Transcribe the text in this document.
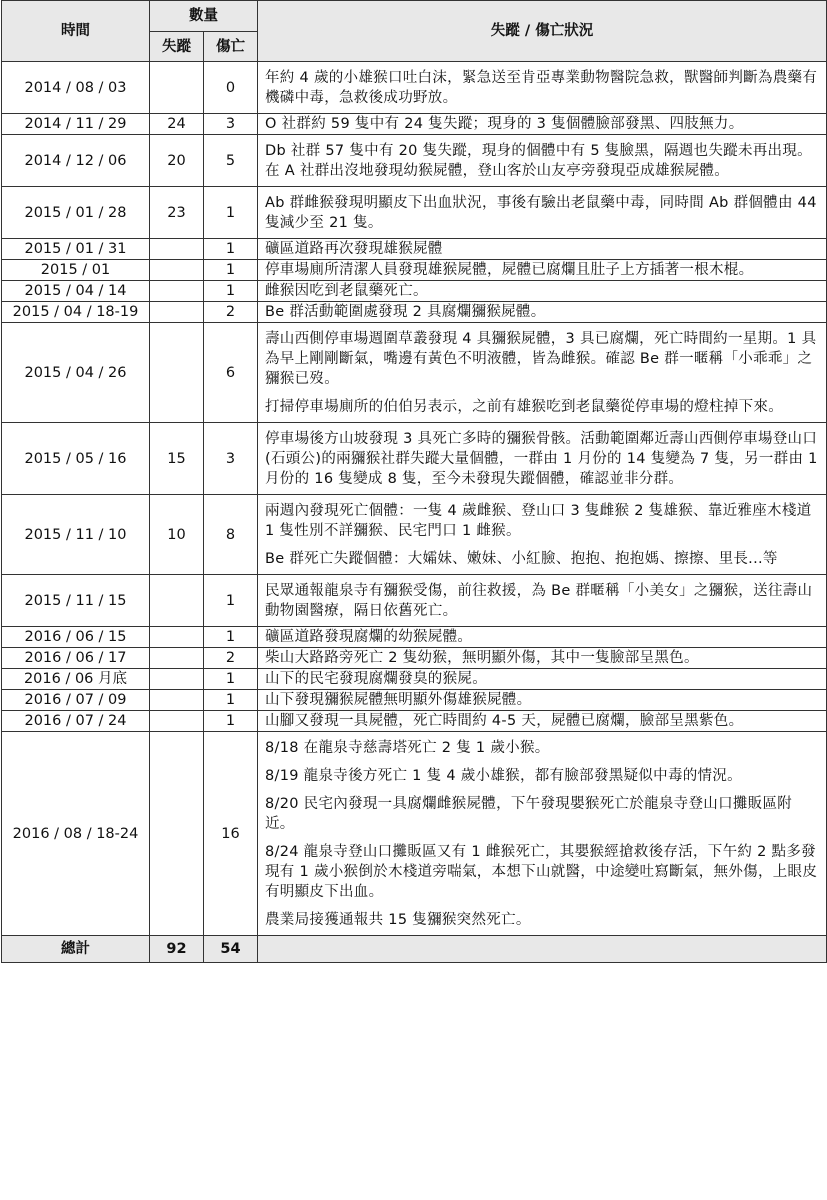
時間	數量		失蹤 / 傷亡狀況
	失蹤	傷亡	
2014 / 08 / 03		0	年約 4 歲的小雄猴口吐白沫，緊急送至肯亞專業動物醫院急救，獸醫師判斷為農藥有機磷中毒，急救後成功野放。

2014 / 11 / 29	24	3	O 社群約 59 隻中有 24 隻失蹤；現身的 3 隻個體臉部發黑、四肢無力。

2014 / 12 / 06	20	5	Db 社群 57 隻中有 20 隻失蹤，現身的個體中有 5 隻臉黑，隔週也失蹤未再出現。在 A 社群出沒地發現幼猴屍體，登山客於山友亭旁發現亞成雄猴屍體。

2015 / 01 / 28	23	1	Ab 群雌猴發現明顯皮下出血狀況，事後有驗出老鼠藥中毒，同時間 Ab 群個體由 44 隻減少至 21 隻。

2015 / 01 / 31		1	礦區道路再次發現雄猴屍體

2015 / 01		1	停車場廁所清潔人員發現雄猴屍體，屍體已腐爛且肚子上方插著一根木棍。

2015 / 04 / 14		1	雌猴因吃到老鼠藥死亡。

2015 / 04 / 18-19		2	Be 群活動範圍處發現 2 具腐爛獼猴屍體。

2015 / 04 / 26		6	壽山西側停車場週圍草叢發現 4 具獼猴屍體，3 具已腐爛，死亡時間約一星期。1 具為早上剛剛斷氣，嘴邊有黃色不明液體，皆為雌猴。確認 Be 群一暱稱「小乖乖」之獼猴已歿。

打掃停車場廁所的伯伯另表示，之前有雄猴吃到老鼠藥從停車場的燈柱掉下來。

2015 / 05 / 16	15	3	停車場後方山坡發現 3 具死亡多時的獼猴骨骸。活動範圍鄰近壽山西側停車場登山口(石頭公)的兩獼猴社群失蹤大量個體，一群由 1 月份的 14 隻變為 7 隻，另一群由 1 月份的 16 隻變成 8 隻，至今未發現失蹤個體，確認並非分群。

2015 / 11 / 10	10	8	兩週內發現死亡個體：一隻 4 歲雌猴、登山口 3 隻雌猴 2 隻雄猴、靠近雅座木棧道 1 隻性別不詳獼猴、民宅門口 1 雌猴。

Be 群死亡失蹤個體：大孀妹、嫩妹、小紅臉、抱抱、抱抱媽、擦擦、里長...等

2015 / 11 / 15		1	民眾通報龍泉寺有獼猴受傷，前往救援，為 Be 群暱稱「小美女」之獼猴，送往壽山動物園醫療，隔日依舊死亡。

2016 / 06 / 15		1	礦區道路發現腐爛的幼猴屍體。

2016 / 06 / 17		2	柴山大路路旁死亡 2 隻幼猴，無明顯外傷，其中一隻臉部呈黑色。

2016 / 06 月底		1	山下的民宅發現腐爛發臭的猴屍。

2016 / 07 / 09		1	山下發現獼猴屍體無明顯外傷雄猴屍體。

2016 / 07 / 24		1	山腳又發現一具屍體，死亡時間約 4-5 天，屍體已腐爛，臉部呈黑紫色。

2016 / 08 / 18-24		16	8/18 在龍泉寺慈壽塔死亡 2 隻 1 歲小猴。

8/19 龍泉寺後方死亡 1 隻 4 歲小雄猴，都有臉部發黑疑似中毒的情況。

8/20 民宅內發現一具腐爛雌猴屍體，下午發現嬰猴死亡於龍泉寺登山口攤販區附近。

8/24 龍泉寺登山口攤販區又有 1 雌猴死亡，其嬰猴經搶救後存活，下午約 2 點多發現有 1 歲小猴倒於木棧道旁喘氣，本想下山就醫，中途變吐寫斷氣，無外傷，上眼皮有明顯皮下出血。

農業局接獲通報共 15 隻獼猴突然死亡。

總計	92	54	
